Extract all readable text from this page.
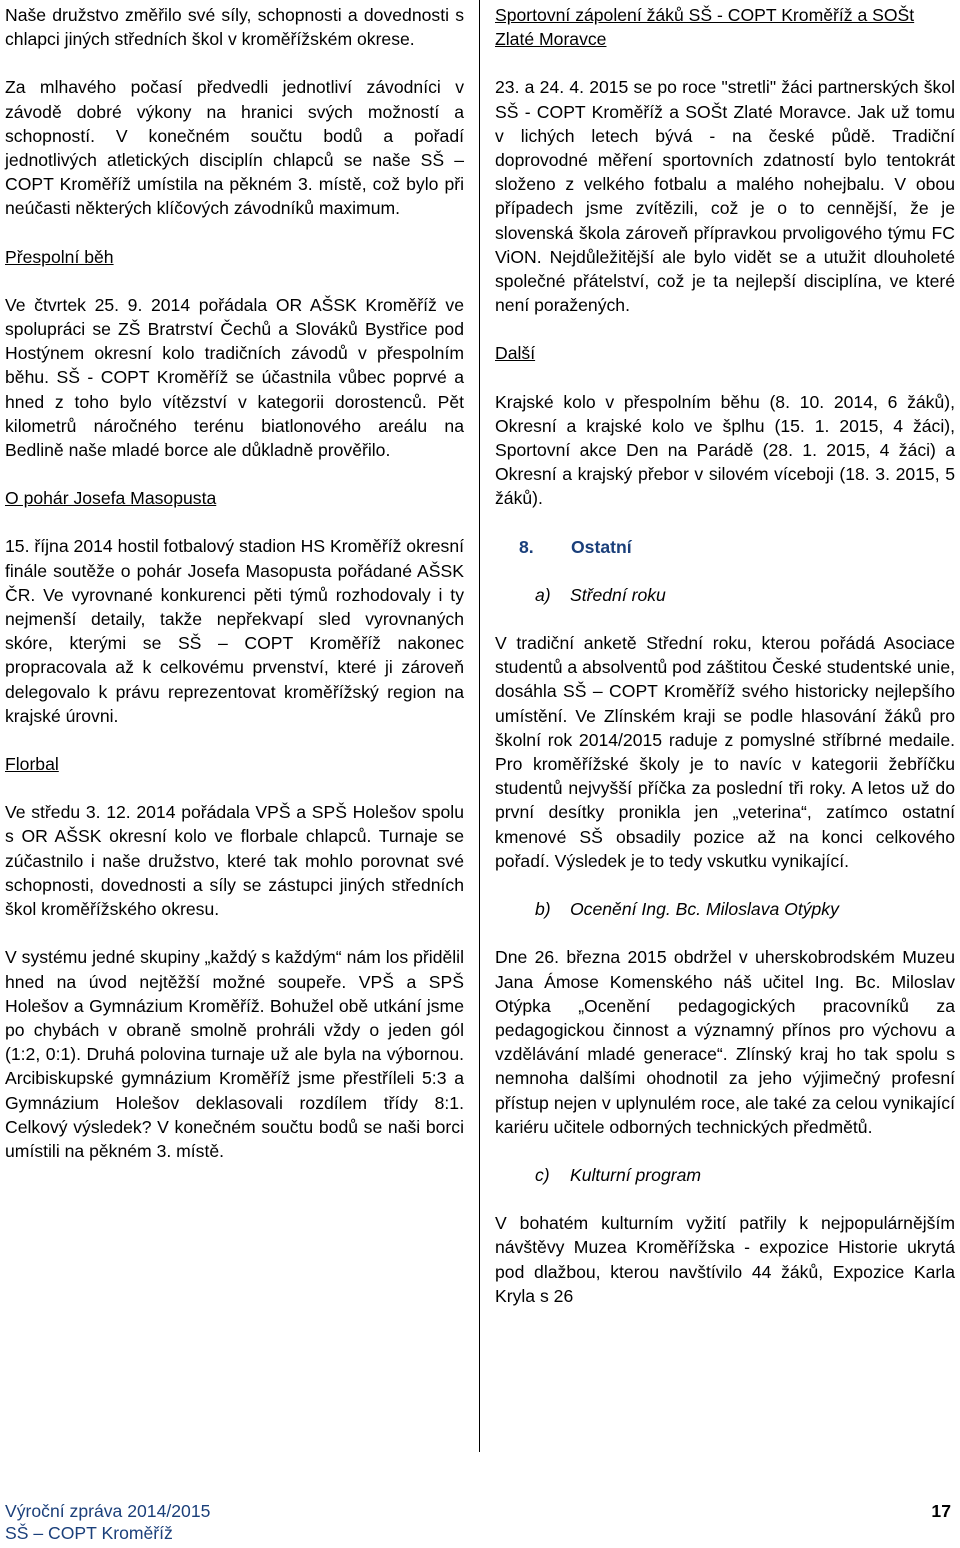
Naše družstvo změřilo své síly, schopnosti a dovednosti s chlapci jiných středních škol v kroměřížském okrese.

Za mlhavého počasí předvedli jednotliví závodníci v závodě dobré výkony na hranici svých možností a schopností. V konečném součtu bodů a pořadí jednotlivých atletických disciplín chlapců se naše SŠ – COPT Kroměříž umístila na pěkném 3. místě, což bylo při neúčasti některých klíčových závodníků maximum.

Přespolní běh

Ve čtvrtek 25. 9. 2014 pořádala OR AŠSK Kroměříž ve spolupráci se ZŠ Bratrství Čechů a Slováků Bystřice pod Hostýnem okresní kolo tradičních závodů v přespolním běhu. SŠ - COPT Kroměříž se účastnila vůbec poprvé a hned z toho bylo vítězství v kategorii dorostenců. Pět kilometrů náročného terénu biatlonového areálu na Bedlině naše mladé borce ale důkladně prověřilo.

O pohár Josefa Masopusta

15. října 2014 hostil fotbalový stadion HS Kroměříž okresní finále soutěže o pohár Josefa Masopusta pořádané AŠSK ČR. Ve vyrovnané konkurenci pěti týmů rozhodovaly i ty nejmenší detaily, takže nepřekvapí sled vyrovnaných skóre, kterými se SŠ – COPT Kroměříž nakonec propracovala až k celkovému prvenství, které ji zároveň delegovalo k právu reprezentovat kroměřížský region na krajské úrovni.

Florbal

Ve středu 3. 12. 2014 pořádala VPŠ a SPŠ Holešov spolu s OR AŠSK okresní kolo ve florbale chlapců. Turnaje se zúčastnilo i naše družstvo, které tak mohlo porovnat své schopnosti, dovednosti a síly se zástupci jiných středních škol kroměřížského okresu.

V systému jedné skupiny „každý s každým“ nám los přidělil hned na úvod nejtěžší možné soupeře. VPŠ a SPŠ Holešov a Gymnázium Kroměříž. Bohužel obě utkání jsme po chybách v obraně smolně prohráli vždy o jeden gól (1:2, 0:1). Druhá polovina turnaje už ale byla na výbornou. Arcibiskupské gymnázium Kroměříž jsme přestříleli 5:3 a Gymnázium Holešov deklasovali rozdílem třídy 8:1. Celkový výsledek? V konečném součtu bodů se naši borci umístili na pěkném 3. místě.

Sportovní zápolení žáků SŠ - COPT Kroměříž a SOŠt Zlaté Moravce

23. a 24. 4. 2015 se po roce "stretli" žáci partnerských škol SŠ - COPT Kroměříž a SOŠt Zlaté Moravce. Jak už tomu v lichých letech bývá - na české půdě. Tradiční doprovodné měření sportovních zdatností bylo tentokrát složeno z velkého fotbalu a malého nohejbalu. V obou případech jsme zvítězili, což je o to cennější, že je slovenská škola zároveň přípravkou prvoligového týmu FC ViON. Nejdůležitější ale bylo vidět se a utužit dlouholeté společné přátelství, což je ta nejlepší disciplína, ve které není poražených.

Další

Krajské kolo v přespolním běhu (8. 10. 2014, 6 žáků), Okresní a krajské kolo ve šplhu (15. 1. 2015, 4 žáci), Sportovní akce Den na Parádě (28. 1. 2015, 4 žáci) a Okresní a krajský přebor v silovém víceboji (18. 3. 2015, 5 žáků).

8. Ostatní
a) Střední roku

V tradiční anketě Střední roku, kterou pořádá Asociace studentů a absolventů pod záštitou České studentské unie, dosáhla SŠ – COPT Kroměříž svého historicky nejlepšího umístění. Ve Zlínském kraji se podle hlasování žáků pro školní rok 2014/2015 raduje z pomyslné stříbrné medaile. Pro kroměřížské školy je to navíc v kategorii žebříčku studentů nejvyšší příčka za poslední tři roky. A letos už do první desítky pronikla jen „veterina“, zatímco ostatní kmenové SŠ obsadily pozice až na konci celkového pořadí. Výsledek je to tedy vskutku vynikající.

b) Ocenění Ing. Bc. Miloslava Otýpky

Dne 26. března 2015 obdržel v uherskobrodském Muzeu Jana Ámose Komenského náš učitel Ing. Bc. Miloslav Otýpka „Ocenění pedagogických pracovníků za pedagogickou činnost a významný přínos pro výchovu a vzdělávání mladé generace“. Zlínský kraj ho tak spolu s nemnoha dalšími ohodnotil za jeho výjimečný profesní přístup nejen v uplynulém roce, ale také za celou vynikající kariéru učitele odborných technických předmětů.

c) Kulturní program

V bohatém kulturním vyžití patřily k nejpopulárnějším návštěvy Muzea Kroměřížska - expozice Historie ukrytá pod dlažbou, kterou navštívilo 44 žáků, Expozice Karla Kryla s 26

Výroční zpráva 2014/2015
SŠ – COPT Kroměříž
17
